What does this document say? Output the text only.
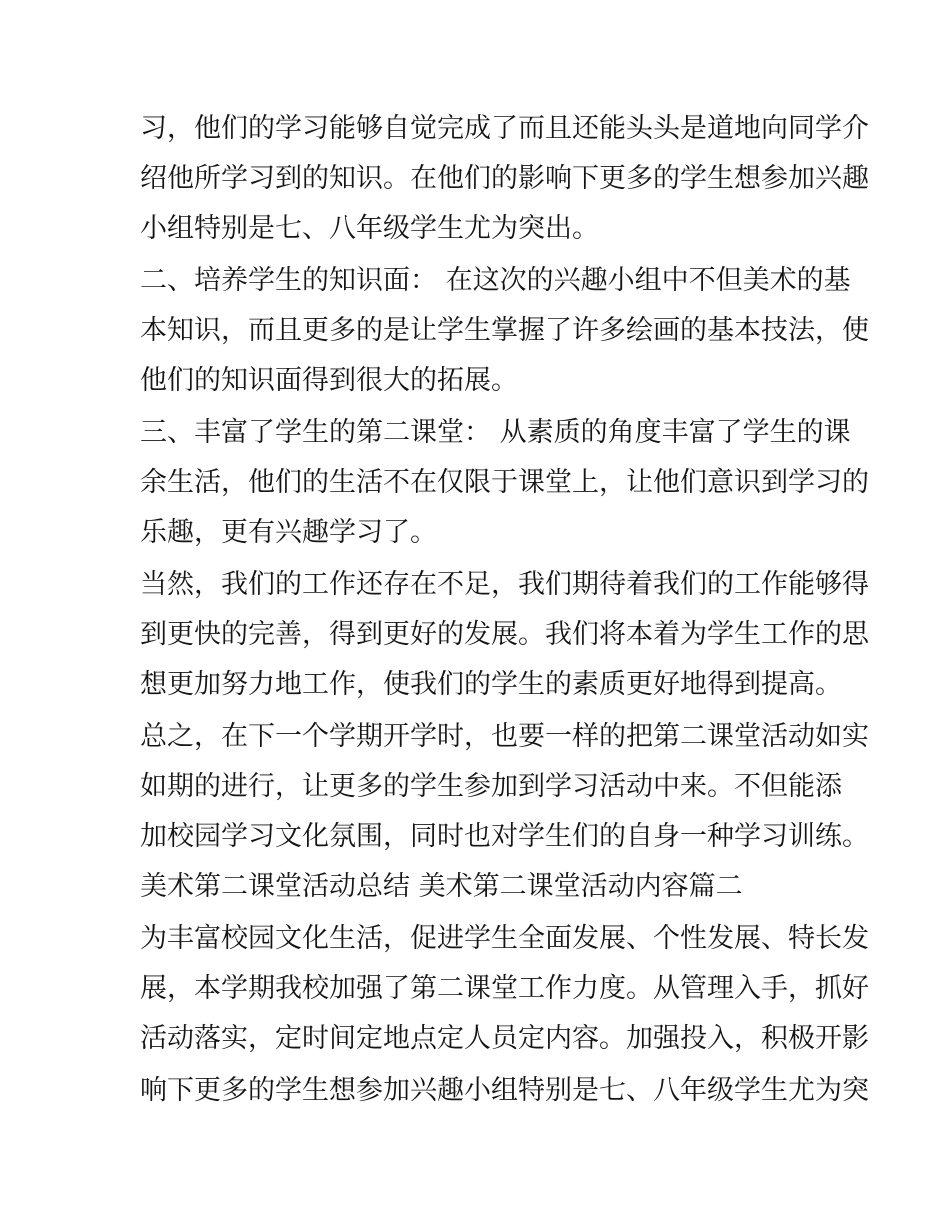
习，他们的学习能够自觉完成了而且还能头头是道地向同学介
绍他所学习到的知识。在他们的影响下更多的学生想参加兴趣
小组特别是七、八年级学生尤为突出。
二、培养学生的知识面： 在这次的兴趣小组中不但美术的基
本知识，而且更多的是让学生掌握了许多绘画的基本技法，使
他们的知识面得到很大的拓展。
三、丰富了学生的第二课堂： 从素质的角度丰富了学生的课
余生活，他们的生活不在仅限于课堂上，让他们意识到学习的
乐趣，更有兴趣学习了。
当然，我们的工作还存在不足，我们期待着我们的工作能够得
到更快的完善，得到更好的发展。我们将本着为学生工作的思
想更加努力地工作，使我们的学生的素质更好地得到提高。
总之，在下一个学期开学时，也要一样的把第二课堂活动如实
如期的进行，让更多的学生参加到学习活动中来。不但能添
加校园学习文化氛围，同时也对学生们的自身一种学习训练。
美术第二课堂活动总结 美术第二课堂活动内容篇二
为丰富校园文化生活，促进学生全面发展、个性发展、特长发
展，本学期我校加强了第二课堂工作力度。从管理入手，抓好
活动落实，定时间定地点定人员定内容。加强投入，积极开影
响下更多的学生想参加兴趣小组特别是七、八年级学生尤为突
